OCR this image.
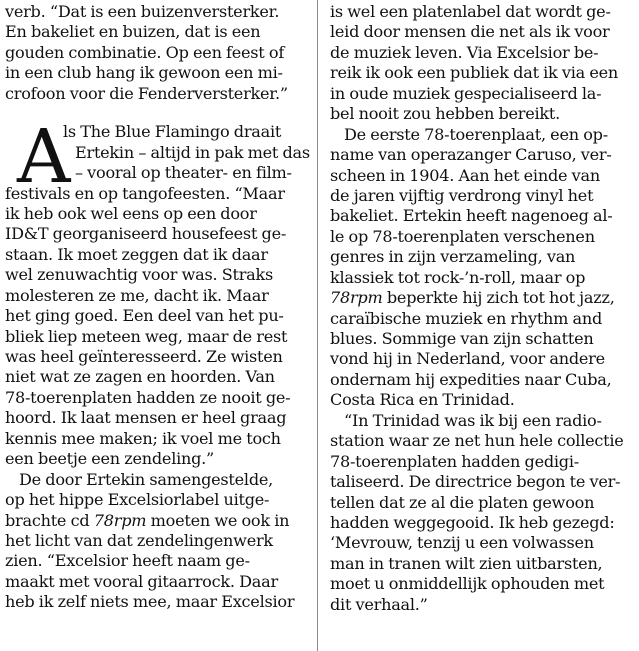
verb. “Dat is een buizenversterker.
En bakeliet en buizen, dat is een
gouden combinatie. Op een feest of
in een club hang ik gewoon een mi-
crofoon voor die Fenderversterker.”
ls The Blue Flamingo draait
Ertekin – altijd in pak met das
– vooral op theater- en film-
festivals en op tangofeesten. “Maar
ik heb ook wel eens op een door
ID&T georganiseerd housefeest ge-
staan. Ik moet zeggen dat ik daar
wel zenuwachtig voor was. Straks
molesteren ze me, dacht ik. Maar
het ging goed. Een deel van het pu-
bliek liep meteen weg, maar de rest
was heel geïnteresseerd. Ze wisten
niet wat ze zagen en hoorden. Van
78-toerenplaten hadden ze nooit ge-
hoord. Ik laat mensen er heel graag
kennis mee maken; ik voel me toch
een beetje een zendeling.”
De door Ertekin samengestelde,
op het hippe Excelsiorlabel uitge-
brachte cd 78rpm moeten we ook in
het licht van dat zendelingenwerk
zien. “Excelsior heeft naam ge-
maakt met vooral gitaarrock. Daar
heb ik zelf niets mee, maar Excelsior
A
is wel een platenlabel dat wordt ge-
leid door mensen die net als ik voor
de muziek leven. Via Excelsior be-
reik ik ook een publiek dat ik via een
in oude muziek gespecialiseerd la-
bel nooit zou hebben bereikt.
De eerste 78-toerenplaat, een op-
name van operazanger Caruso, ver-
scheen in 1904. Aan het einde van
de jaren vijftig verdrong vinyl het
bakeliet. Ertekin heeft nagenoeg al-
le op 78-toerenplaten verschenen
genres in zijn verzameling, van
klassiek tot rock-’n-roll, maar op
78rpm beperkte hij zich tot hot jazz,
caraïbische muziek en rhythm and
blues. Sommige van zijn schatten
vond hij in Nederland, voor andere
ondernam hij expedities naar Cuba,
Costa Rica en Trinidad.
“In Trinidad was ik bij een radio-
station waar ze net hun hele collectie
78-toerenplaten hadden gedigi-
taliseerd. De directrice begon te ver-
tellen dat ze al die platen gewoon
hadden weggegooid. Ik heb gezegd:
‘Mevrouw, tenzij u een volwassen
man in tranen wilt zien uitbarsten,
moet u onmiddellijk ophouden met
dit verhaal.”
